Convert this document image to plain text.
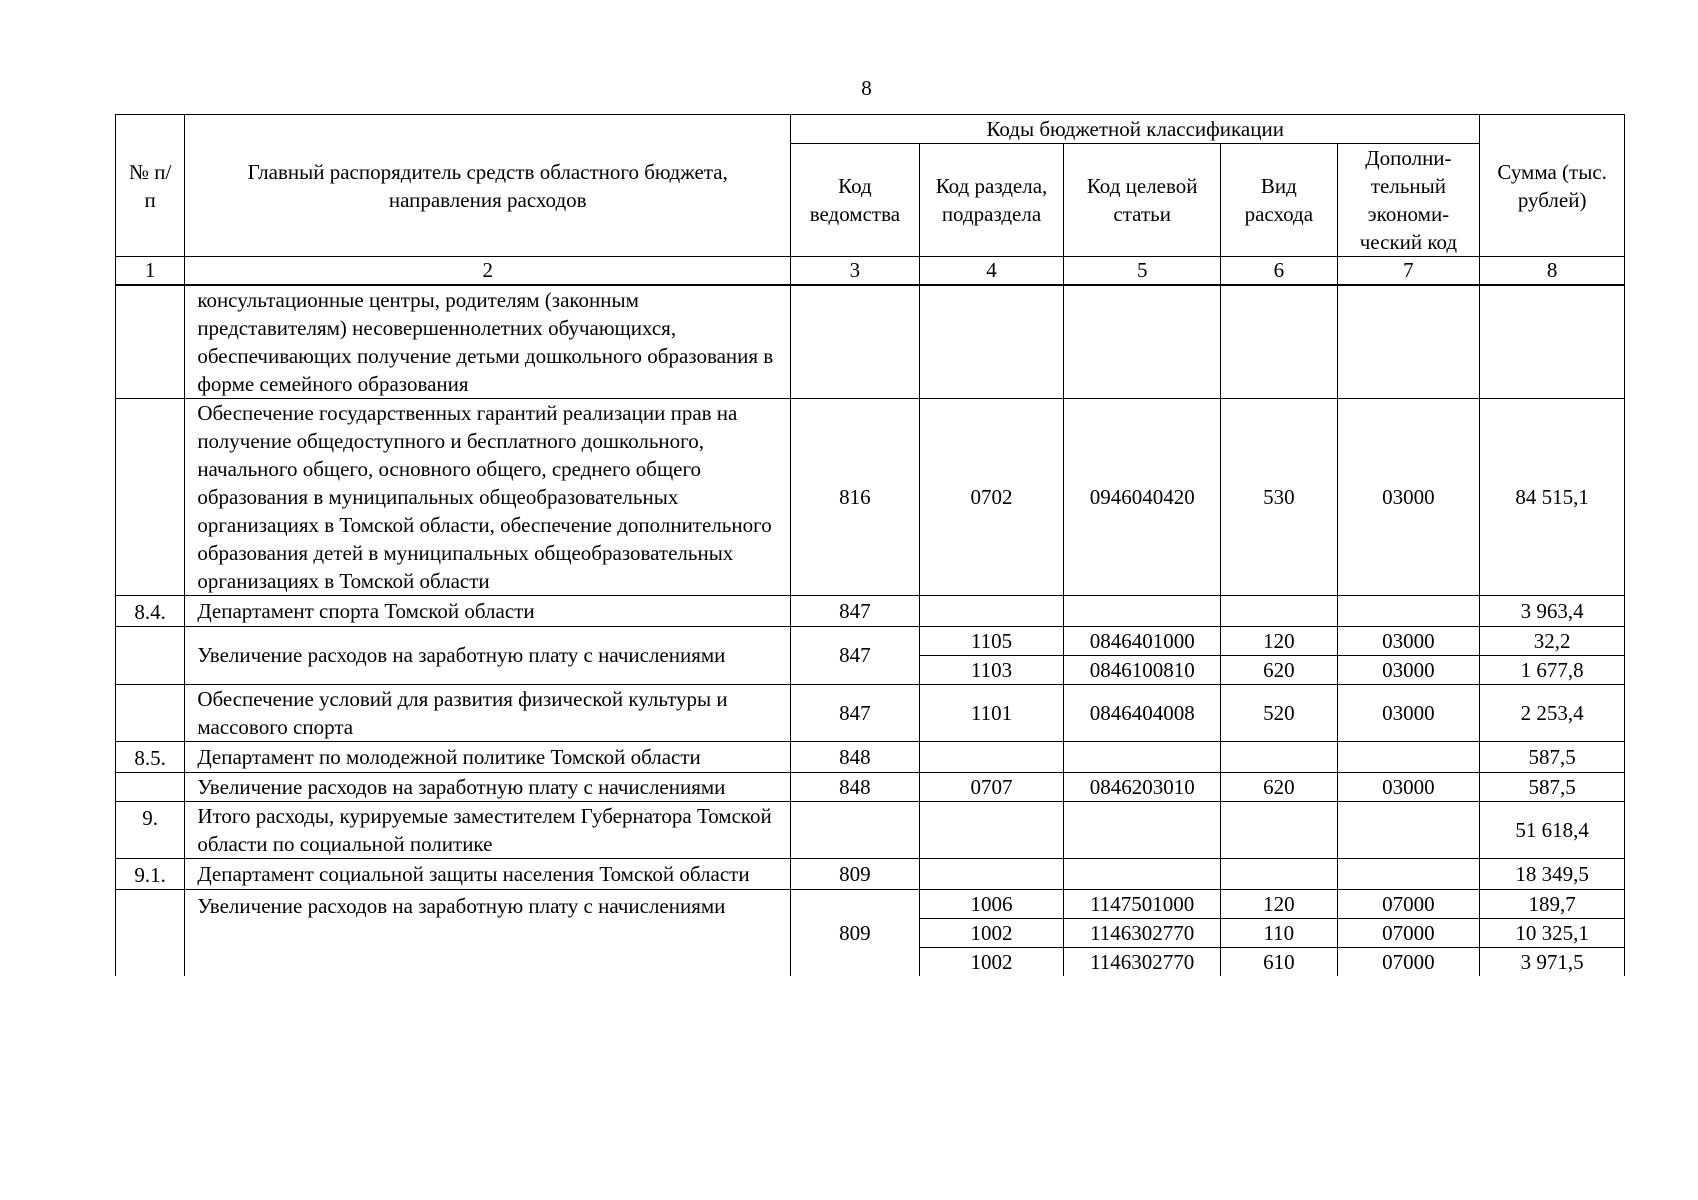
8
№ п/п	Главный распорядитель средств областного бюджета, направления расходов	Коды бюджетной классификации					Сумма (тыс. рублей)
		Код ведомства	Код раздела, подраздела	Код целевой статьи	Вид расхода	Дополни-тельный экономи-ческий код	
1	2	3	4	5	6	7	8
	консультационные центры, родителям (законным представителям) несовершеннолетних обучающихся, обеспечивающих получение детьми дошкольного образования в форме семейного образования						
	Обеспечение государственных гарантий реализации прав на получение общедоступного и бесплатного дошкольного, начального общего, основного общего, среднего общего образования в муниципальных общеобразовательных организациях в Томской области, обеспечение дополнительного образования детей в муниципальных общеобразовательных организациях в Томской области	816	0702	0946040420	530	03000	84 515,1
8.4.	Департамент спорта Томской области	847					3 963,4
	Увеличение расходов на заработную плату с начислениями	847	1105	0846401000	120	03000	32,2
			1103	0846100810	620	03000	1 677,8
	Обеспечение условий для развития физической культуры и массового спорта	847	1101	0846404008	520	03000	2 253,4
8.5.	Департамент по молодежной политике Томской области	848					587,5
	Увеличение расходов на заработную плату с начислениями	848	0707	0846203010	620	03000	587,5
9.	Итого расходы, курируемые заместителем Губернатора Томской области по социальной политике						51 618,4
9.1.	Департамент социальной защиты населения Томской области	809					18 349,5
	Увеличение расходов на заработную плату с начислениями	809	1006	1147501000	120	07000	189,7
			1002	1146302770	110	07000	10 325,1
			1002	1146302770	610	07000	3 971,5
